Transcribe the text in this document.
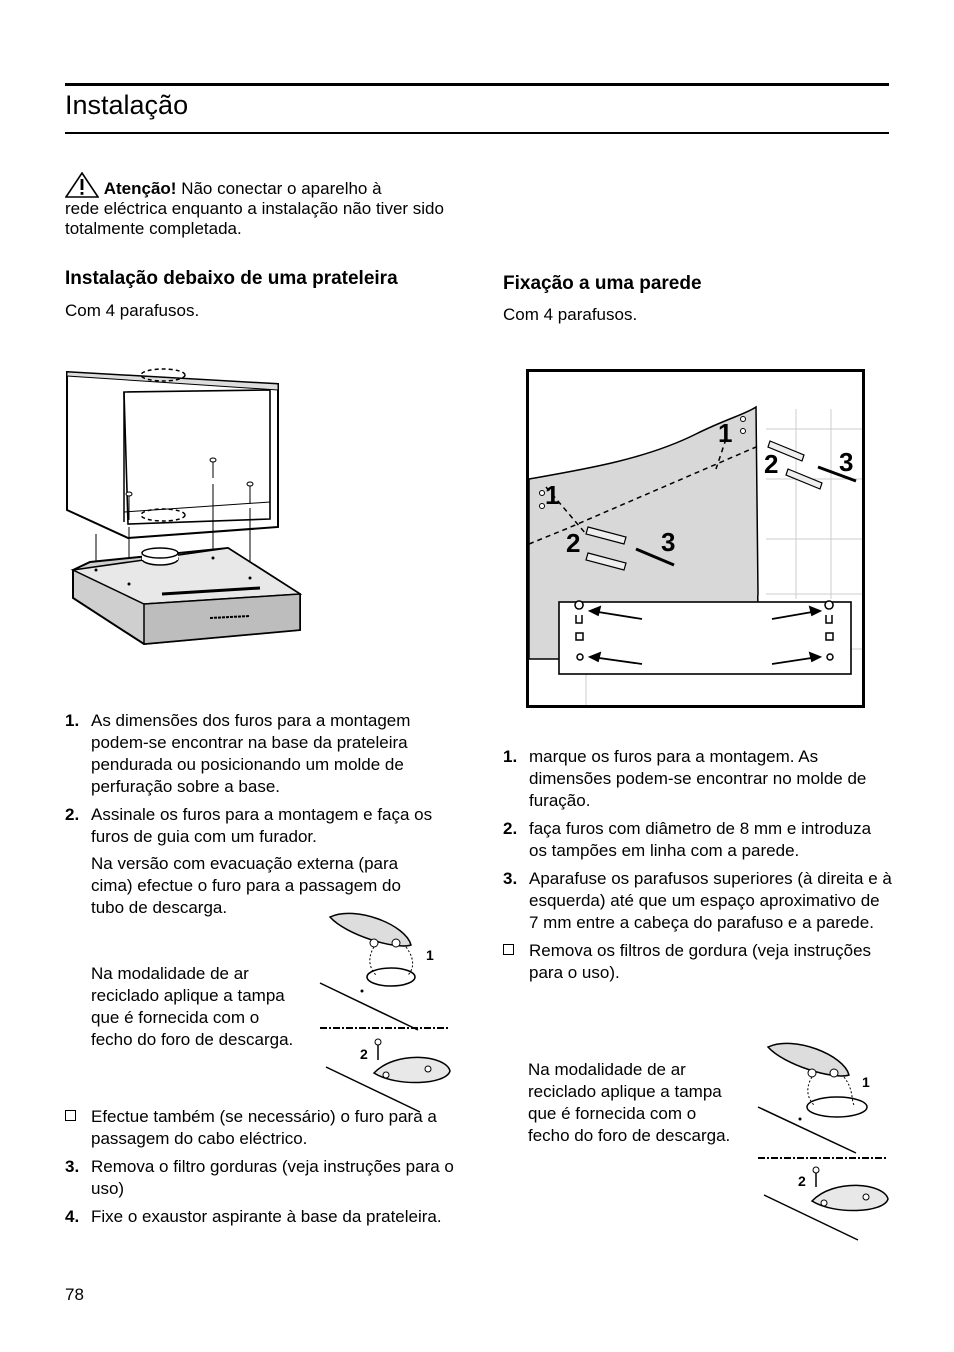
Instalação
Atenção! Não conectar o aparelho à
rede eléctrica enquanto a instalação não tiver sido totalmente completada.
Instalação debaixo de uma prateleira
Com 4 parafusos.
1. As dimensões dos furos para a montagem podem-se encontrar na base da prateleira pendurada ou posicionando um molde de perfuração sobre a base.
2. Assinale os furos para a montagem e faça os furos de guia com um furador.
Na versão com evacuação externa (para cima) efectue o furo para a passagem do tubo de descarga.
Na modalidade de ar reciclado aplique a tampa que é fornecida com o fecho do foro de descarga.
1
2
Efectue também (se necessário) o furo para a passagem do cabo eléctrico.
3. Remova o filtro gorduras (veja instruções para o uso)
4. Fixe o exaustor aspirante à base da prateleira.
Fixação a uma parede
Com 4 parafusos.
1
1
2 3
2	3
1. marque os furos para a montagem. As dimensões podem-se encontrar no molde de furação.
2. faça furos com diâmetro de 8 mm e introduza os tampões em linha com a parede.
3. Aparafuse os parafusos superiores (à direita e à esquerda) até que um espaço aproximativo de 7 mm entre a cabeça do parafuso e a parede.
Remova os filtros de gordura (veja instruções para o uso).
Na modalidade de ar reciclado aplique a tampa que é fornecida com o fecho do foro de descarga.
1
2
78
